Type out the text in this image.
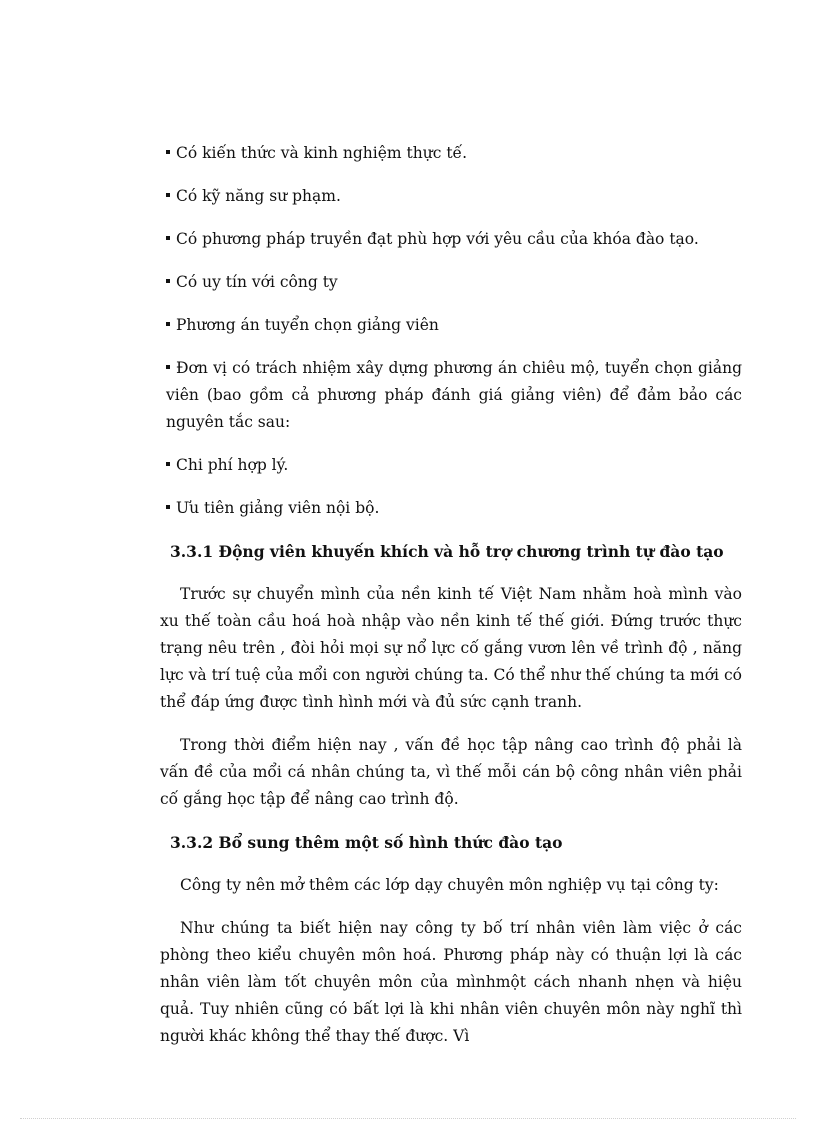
Có kiến thức và kinh nghiệm thực tế.
Có kỹ năng sư phạm.
Có phương pháp truyền đạt phù hợp với yêu cầu của khóa đào tạo.
Có uy tín với công ty
Phương án tuyển chọn giảng viên
Đơn vị có trách nhiệm xây dựng phương án chiêu mộ, tuyển chọn giảng viên (bao gồm cả phương pháp đánh giá giảng viên) để đảm bảo các nguyên tắc sau:
Chi phí hợp lý.
Ưu tiên giảng viên nội bộ.
3.3.1 Động viên khuyến khích và hỗ trợ chương trình tự đào tạo

Trước sự chuyển mình của nền kinh tế Việt Nam nhằm hoà mình vào xu thế toàn cầu hoá hoà nhập vào nền kinh tế thế giới. Đứng trước thực trạng nêu trên , đòi hỏi mọi sự nổ lực cố gắng vươn lên về trình độ , năng lực và trí tuệ của mổi con người chúng ta. Có thể như thế chúng ta mới có thể đáp ứng được tình hình mới và đủ sức cạnh tranh.

Trong thời điểm hiện nay , vấn đề học tập nâng cao trình độ phải là vấn đề của mổi cá nhân chúng ta, vì thế mỗi cán bộ công nhân viên phải cố gắng học tập để nâng cao trình độ.

3.3.2 Bổ sung thêm một số hình thức đào tạo

Công ty nên mở thêm các lớp dạy chuyên môn nghiệp vụ tại công ty:

Như chúng ta biết hiện nay công ty bố trí nhân viên làm việc ở các phòng theo kiểu chuyên môn hoá. Phương pháp này có thuận lợi là các nhân viên làm tốt chuyên môn của mìnhmột cách nhanh nhẹn và hiệu quả. Tuy nhiên cũng có bất lợi là khi nhân viên chuyên môn này nghĩ thì người khác không thể thay thế được. Vì
